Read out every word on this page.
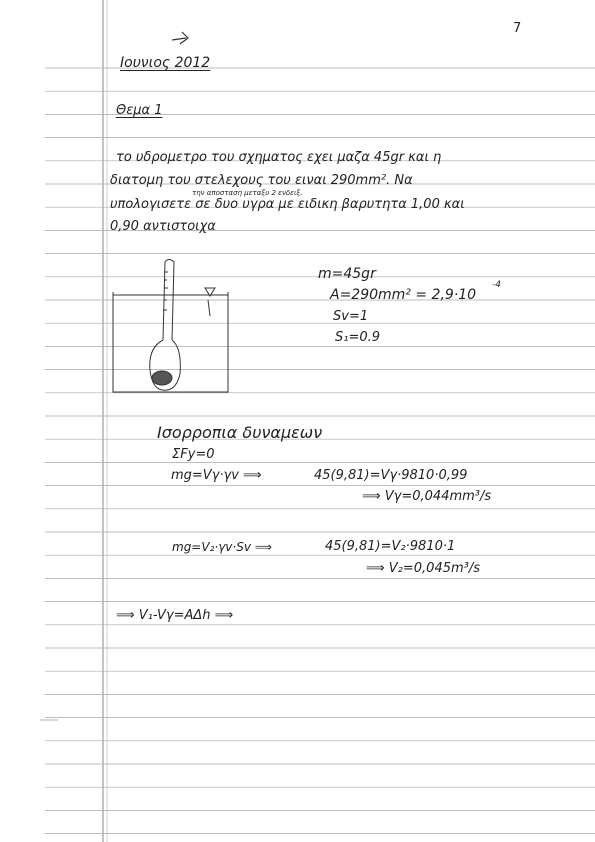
7
Ιουνιος 2012
Θεμα 1
το υδρομετρο του σχηματος εχει μαζα 45gr και η
διατομη του στελεχους του ειναι 290mm². Να
την αποσταση μεταξυ 2 ενδειξ.
υπολογισετε σε δυο υγρα με ειδικη βαρυτητα 1,00 και
0,90 αντιστοιχα
m=45gr
A=290mm² = 2,9·10
-4
Sv=1
S₁=0.9
Ισορροπια δυναμεων
ΣFy=0
mg=Vγ·γv ⟹	45(9,81)=Vγ·9810·0,99
⟹ Vγ=0,044mm³/s
mg=V₂·γv·Sv ⟹	45(9,81)=V₂·9810·1
⟹ V₂=0,045m³/s
⟹ V₁-Vγ=AΔh ⟹
